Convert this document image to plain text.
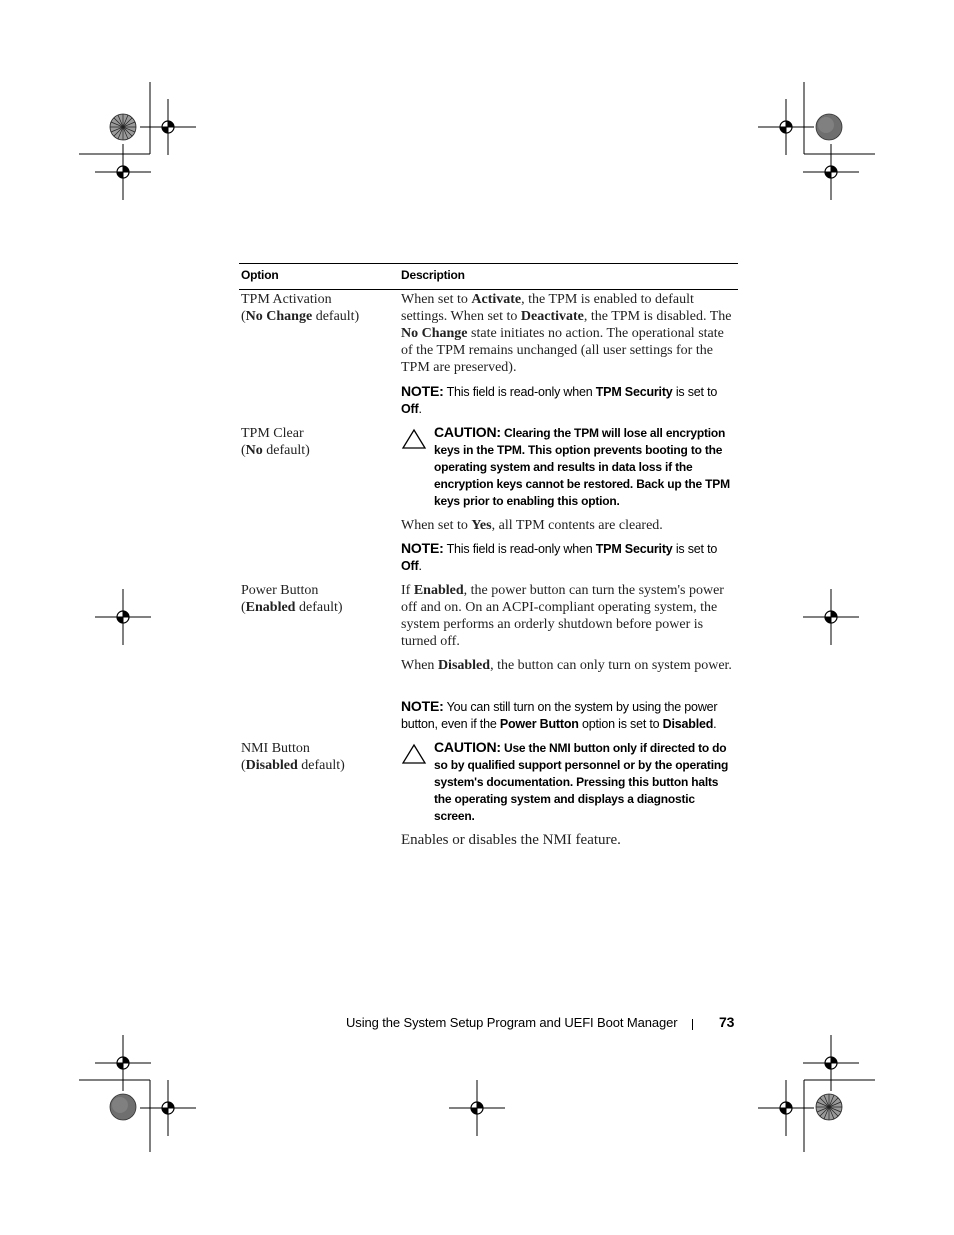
Option	Description
TPM Activation
(No Change default)
When set to Activate, the TPM is enabled to default settings. When set to Deactivate, the TPM is disabled. The No Change state initiates no action. The operational state of the TPM remains unchanged (all user settings for the TPM are preserved).
NOTE: This field is read-only when TPM Security is set to Off.
TPM Clear
(No default)
CAUTION: Clearing the TPM will lose all encryption keys in the TPM. This option prevents booting to the operating system and results in data loss if the encryption keys cannot be restored. Back up the TPM keys prior to enabling this option.
When set to Yes, all TPM contents are cleared.
NOTE: This field is read-only when TPM Security is set to Off.
Power Button
(Enabled default)
If Enabled, the power button can turn the system's power off and on. On an ACPI-compliant operating system, the system performs an orderly shutdown before power is turned off.
When Disabled, the button can only turn on system power.
NOTE: You can still turn on the system by using the power button, even if the Power Button option is set to Disabled.
NMI Button
(Disabled default)
CAUTION: Use the NMI button only if directed to do so by qualified support personnel or by the operating system's documentation. Pressing this button halts the operating system and displays a diagnostic screen.
Enables or disables the NMI feature.
Using the System Setup Program and UEFI Boot Manager	73
